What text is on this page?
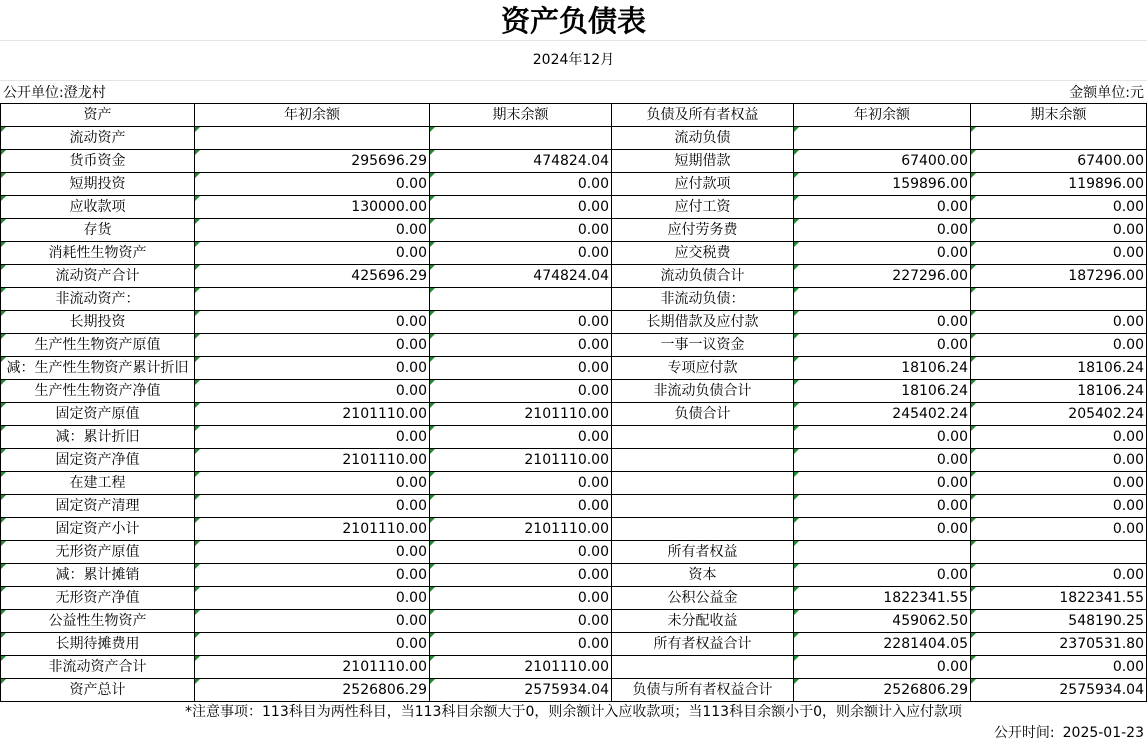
资产负债表
2024年12月
公开单位:澄龙村	金额单位:元
资产	年初余额	期末余额	负债及所有者权益	年初余额	期末余额
流动资产			流动负债		
货币资金	295696.29	474824.04	短期借款	67400.00	67400.00
短期投资	0.00	0.00	应付款项	159896.00	119896.00
应收款项	130000.00	0.00	应付工资	0.00	0.00
存货	0.00	0.00	应付劳务费	0.00	0.00
消耗性生物资产	0.00	0.00	应交税费	0.00	0.00
流动资产合计	425696.29	474824.04	流动负债合计	227296.00	187296.00
非流动资产：			非流动负债：		
长期投资	0.00	0.00	长期借款及应付款	0.00	0.00
生产性生物资产原值	0.00	0.00	一事一议资金	0.00	0.00
减：生产性生物资产累计折旧	0.00	0.00	专项应付款	18106.24	18106.24
生产性生物资产净值	0.00	0.00	非流动负债合计	18106.24	18106.24
固定资产原值	2101110.00	2101110.00	负债合计	245402.24	205402.24
减：累计折旧	0.00	0.00		0.00	0.00
固定资产净值	2101110.00	2101110.00		0.00	0.00
在建工程	0.00	0.00		0.00	0.00
固定资产清理	0.00	0.00		0.00	0.00
固定资产小计	2101110.00	2101110.00		0.00	0.00
无形资产原值	0.00	0.00	所有者权益		
减：累计摊销	0.00	0.00	资本	0.00	0.00
无形资产净值	0.00	0.00	公积公益金	1822341.55	1822341.55
公益性生物资产	0.00	0.00	未分配收益	459062.50	548190.25
长期待摊费用	0.00	0.00	所有者权益合计	2281404.05	2370531.80
非流动资产合计	2101110.00	2101110.00		0.00	0.00
资产总计	2526806.29	2575934.04	负债与所有者权益合计	2526806.29	2575934.04
*注意事项：113科目为两性科目，当113科目余额大于0，则余额计入应收款项；当113科目余额小于0，则余额计入应付款项
公开时间: 2025-01-23
